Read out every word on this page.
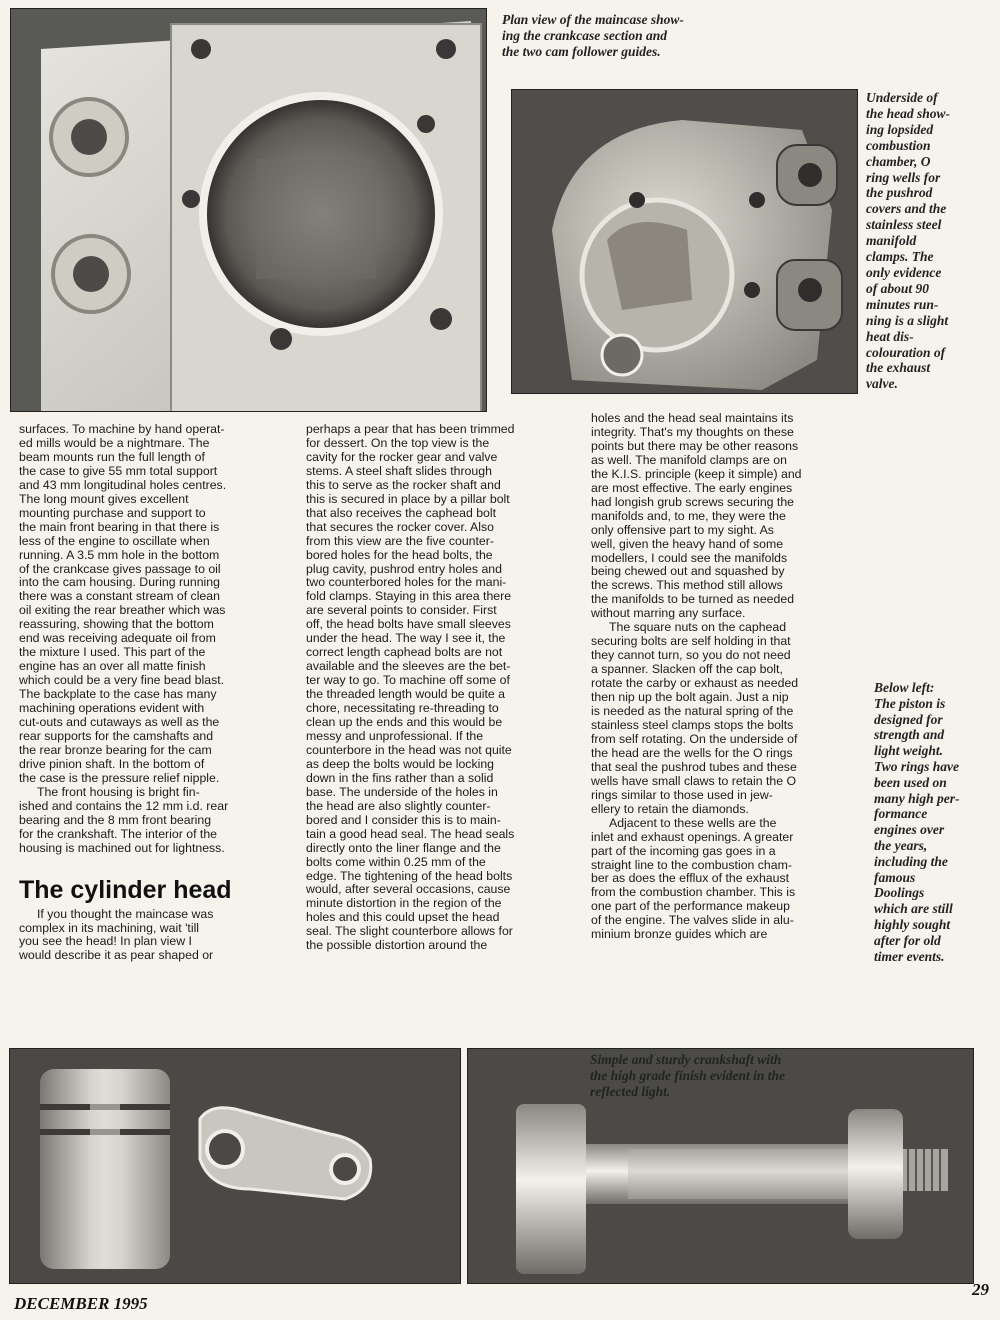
Plan view of the maincase show-
ing the crankcase section and
the two cam follower guides.
Underside of
the head show-
ing lopsided
combustion
chamber, O
ring wells for
the pushrod
covers and the
stainless steel
manifold
clamps. The
only evidence
of about 90
minutes run-
ning is a slight
heat dis-
colouration of
the exhaust
valve.
Below left:
The piston is
designed for
strength and
light weight.
Two rings have
been used on
many high per-
formance
engines over
the years,
including the
famous
Doolings
which are still
highly sought
after for old
timer events.

surfaces. To machine by hand operat-
ed mills would be a nightmare. The
beam mounts run the full length of
the case to give 55 mm total support
and 43 mm longitudinal holes centres.
The long mount gives excellent
mounting purchase and support to
the main front bearing in that there is
less of the engine to oscillate when
running. A 3.5 mm hole in the bottom
of the crankcase gives passage to oil
into the cam housing. During running
there was a constant stream of clean
oil exiting the rear breather which was
reassuring, showing that the bottom
end was receiving adequate oil from
the mixture I used. This part of the
engine has an over all matte finish
which could be a very fine bead blast.
The backplate to the case has many
machining operations evident with
cut-outs and cutaways as well as the
rear supports for the camshafts and
the rear bronze bearing for the cam
drive pinion shaft. In the bottom of
the case is the pressure relief nipple.

The front housing is bright fin-
ished and contains the 12 mm i.d. rear
bearing and the 8 mm front bearing
for the crankshaft. The interior of the
housing is machined out for lightness.

The cylinder head

If you thought the maincase was
complex in its machining, wait 'till
you see the head! In plan view I
would describe it as pear shaped or

perhaps a pear that has been trimmed
for dessert. On the top view is the
cavity for the rocker gear and valve
stems. A steel shaft slides through
this to serve as the rocker shaft and
this is secured in place by a pillar bolt
that also receives the caphead bolt
that secures the rocker cover. Also
from this view are the five counter-
bored holes for the head bolts, the
plug cavity, pushrod entry holes and
two counterbored holes for the mani-
fold clamps. Staying in this area there
are several points to consider. First
off, the head bolts have small sleeves
under the head. The way I see it, the
correct length caphead bolts are not
available and the sleeves are the bet-
ter way to go. To machine off some of
the threaded length would be quite a
chore, necessitating re-threading to
clean up the ends and this would be
messy and unprofessional. If the
counterbore in the head was not quite
as deep the bolts would be locking
down in the fins rather than a solid
base. The underside of the holes in
the head are also slightly counter-
bored and I consider this is to main-
tain a good head seal. The head seals
directly onto the liner flange and the
bolts come within 0.25 mm of the
edge. The tightening of the head bolts
would, after several occasions, cause
minute distortion in the region of the
holes and this could upset the head
seal. The slight counterbore allows for
the possible distortion around the

holes and the head seal maintains its
integrity. That's my thoughts on these
points but there may be other reasons
as well. The manifold clamps are on
the K.I.S. principle (keep it simple) and
are most effective. The early engines
had longish grub screws securing the
manifolds and, to me, they were the
only offensive part to my sight. As
well, given the heavy hand of some
modellers, I could see the manifolds
being chewed out and squashed by
the screws. This method still allows
the manifolds to be turned as needed
without marring any surface.

The square nuts on the caphead
securing bolts are self holding in that
they cannot turn, so you do not need
a spanner. Slacken off the cap bolt,
rotate the carby or exhaust as needed
then nip up the bolt again. Just a nip
is needed as the natural spring of the
stainless steel clamps stops the bolts
from self rotating. On the underside of
the head are the wells for the O rings
that seal the pushrod tubes and these
wells have small claws to retain the O
rings similar to those used in jew-
ellery to retain the diamonds.

Adjacent to these wells are the
inlet and exhaust openings. A greater
part of the incoming gas goes in a
straight line to the combustion cham-
ber as does the efflux of the exhaust
from the combustion chamber. This is
one part of the performance makeup
of the engine. The valves slide in alu-
minium bronze guides which are

Simple and sturdy crankshaft with
the high grade finish evident in the
reflected light.
DECEMBER 1995
29
